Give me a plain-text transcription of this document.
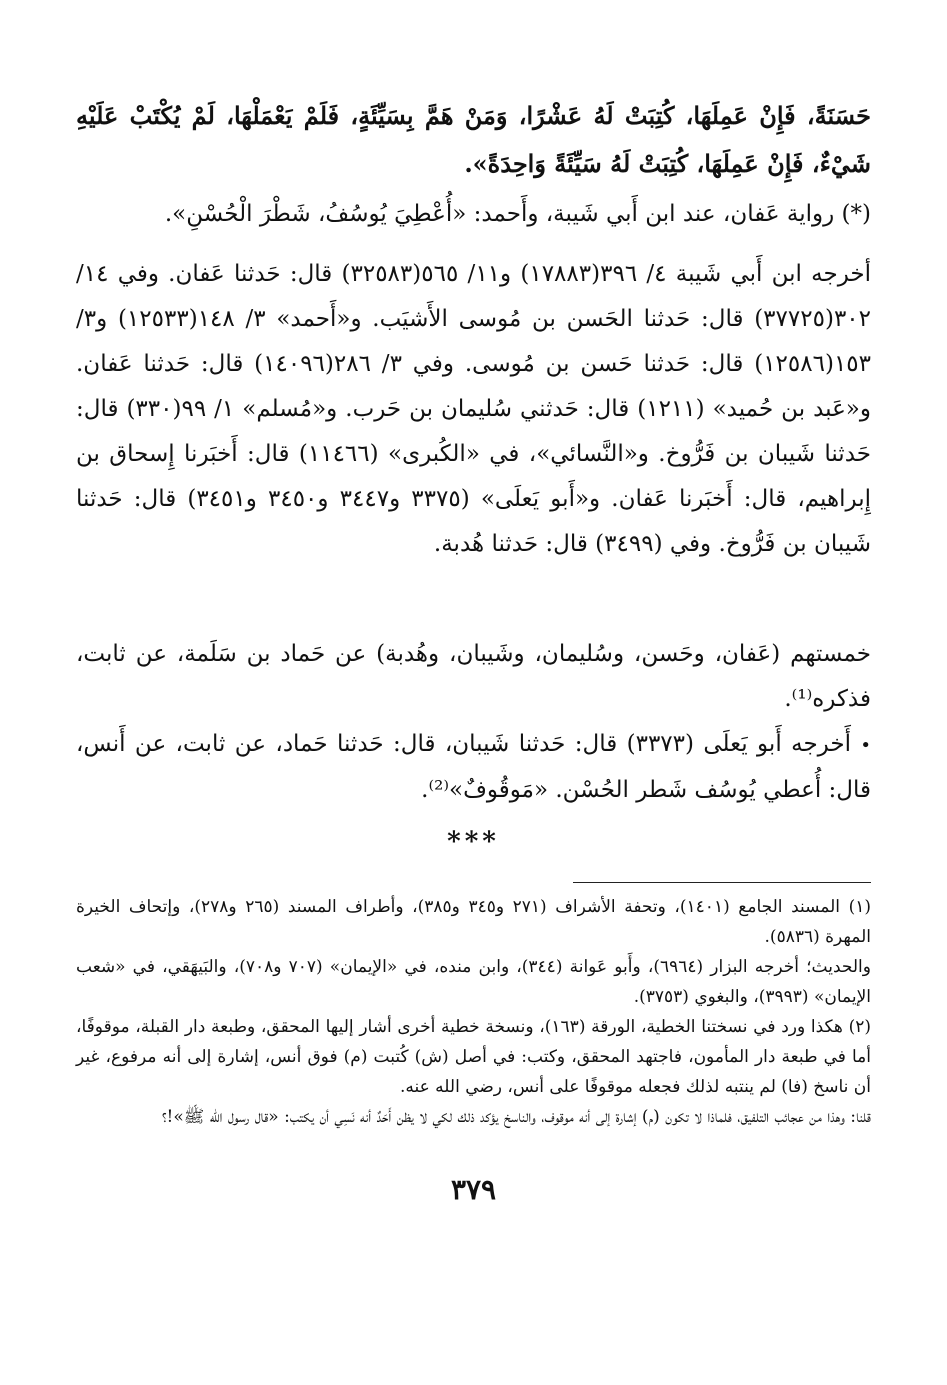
حَسَنَةً، فَإِنْ عَمِلَهَا، كُتِبَتْ لَهُ عَشْرًا، وَمَنْ هَمَّ بِسَيِّئَةٍ، فَلَمْ يَعْمَلْهَا، لَمْ يُكْتَبْ عَلَيْهِ شَيْءٌ، فَإِنْ عَمِلَهَا، كُتِبَتْ لَهُ سَيِّئَةً وَاحِدَةً».

(*) رواية عَفان، عند ابن أَبي شَيبة، وأَحمد: «أُعْطِيَ يُوسُفُ، شَطْرَ الْحُسْنِ».

أخرجه ابن أَبي شَيبة ٤/ ٣٩٦(١٧٨٨٣) و١١/ ٥٦٥(٣٢٥٨٣) قال: حَدثنا عَفان. وفي ١٤/ ٣٠٢(٣٧٧٢٥) قال: حَدثنا الحَسن بن مُوسى الأَشيَب. و«أَحمد» ٣/ ١٤٨(١٢٥٣٣) و٣/ ١٥٣(١٢٥٨٦) قال: حَدثنا حَسن بن مُوسى. وفي ٣/ ٢٨٦(١٤٠٩٦) قال: حَدثنا عَفان. و«عَبد بن حُميد» (١٢١١) قال: حَدثني سُليمان بن حَرب. و«مُسلم» ١/ ٩٩(٣٣٠) قال: حَدثنا شَيبان بن فَرُّوخ. و«النَّسائي»، في «الكُبرى» (١١٤٦٦) قال: أَخبَرنا إِسحاق بن إِبراهيم، قال: أَخبَرنا عَفان. و«أَبو يَعلَى» (٣٣٧٥ و٣٤٤٧ و٣٤٥٠ و٣٤٥١) قال: حَدثنا شَيبان بن فَرُّوخ. وفي (٣٤٩٩) قال: حَدثنا هُدبة.

خمستهم (عَفان، وحَسن، وسُليمان، وشَيبان، وهُدبة) عن حَماد بن سَلَمة، عن ثابت، فذكره⁽¹⁾.

• أَخرجه أَبو يَعلَى (٣٣٧٣) قال: حَدثنا شَيبان، قال: حَدثنا حَماد، عن ثابت، عن أَنس، قال: أُعطي يُوسُف شَطر الحُسْن. «مَوقُوفٌ»⁽²⁾.

***

(١) المسند الجامع (١٤٠١)، وتحفة الأشراف (٢٧١ و٣٤٥ و٣٨٥)، وأطراف المسند (٢٦٥ و٢٧٨)، وإتحاف الخيرة المهرة (٥٨٣٦).

والحديث؛ أخرجه البزار (٦٩٦٤)، وأَبو عَوانة (٣٤٤)، وابن منده، في «الإيمان» (٧٠٧ و٧٠٨)، والبَيهَقي، في «شعب الإيمان» (٣٩٩٣)، والبغوي (٣٧٥٣).

(٢) هكذا ورد في نسختنا الخطية، الورقة (١٦٣)، ونسخة خطية أخرى أشار إليها المحقق، وطبعة دار القبلة، موقوفًا، أما في طبعة دار المأمون، فاجتهد المحقق، وكتب: في أصل (ش) كُتبت (م) فوق أنس، إشارة إلى أنه مرفوع، غير أن ناسخ (فا) لم ينتبه لذلك فجعله موقوفًا على أنس، رضي الله عنه.

قلنا: وهذا من عجائب التلفيق، فلماذا لا تكون (م) إشارة إلى أنه موقوف، والناسخ يؤكد ذلك لكي لا يظن أَحَدٌ أنه نَسِي أن يكتب: «قال رسول الله ﷺ»!؟

٣٧٩
